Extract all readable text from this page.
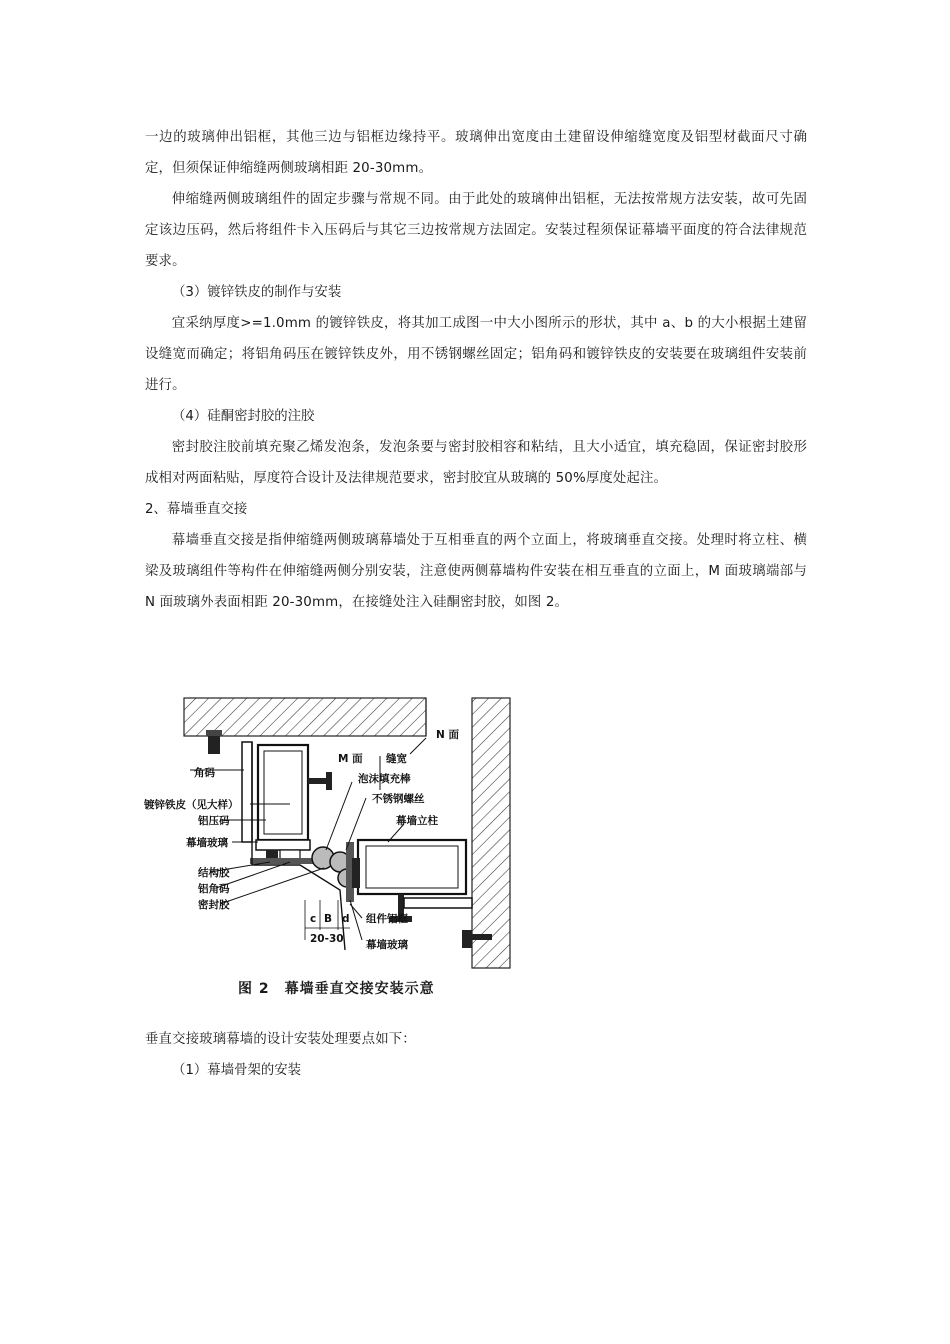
一边的玻璃伸出铝框，其他三边与铝框边缘持平。玻璃伸出宽度由土建留设伸缩缝宽度及铝型材截面尺寸确定，但须保证伸缩缝两侧玻璃相距 20-30mm。

伸缩缝两侧玻璃组件的固定步骤与常规不同。由于此处的玻璃伸出铝框，无法按常规方法安装，故可先固定该边压码，然后将组件卡入压码后与其它三边按常规方法固定。安装过程须保证幕墙平面度的符合法律规范要求。

（3）镀锌铁皮的制作与安装

宜采纳厚度>=1.0mm 的镀锌铁皮，将其加工成图一中大小图所示的形状，其中 a、b 的大小根据土建留设缝宽而确定；将铝角码压在镀锌铁皮外，用不锈钢螺丝固定；铝角码和镀锌铁皮的安装要在玻璃组件安装前进行。

（4）硅酮密封胶的注胶

密封胶注胶前填充聚乙烯发泡条，发泡条要与密封胶相容和粘结，且大小适宜，填充稳固，保证密封胶形成相对两面粘贴，厚度符合设计及法律规范要求，密封胶宜从玻璃的 50%厚度处起注。

2、幕墙垂直交接

幕墙垂直交接是指伸缩缝两侧玻璃幕墙处于互相垂直的两个立面上，将玻璃垂直交接。处理时将立柱、横梁及玻璃组件等构件在伸缩缝两侧分别安装，注意使两侧幕墙构件安装在相互垂直的立面上，M 面玻璃端部与 N 面玻璃外表面相距 20-30mm，在接缝处注入硅酮密封胶，如图 2。

M 面 缝宽
N 面
角码
镀锌铁皮（见大样）
铝压码
泡沫填充棒
不锈钢螺丝
幕墙立柱
幕墙玻璃
结构胶
铝角码
密封胶
c B d
20-30
组件铝框
幕墙玻璃
图 2　幕墙垂直交接安装示意

垂直交接玻璃幕墙的设计安装处理要点如下：

（1）幕墙骨架的安装
